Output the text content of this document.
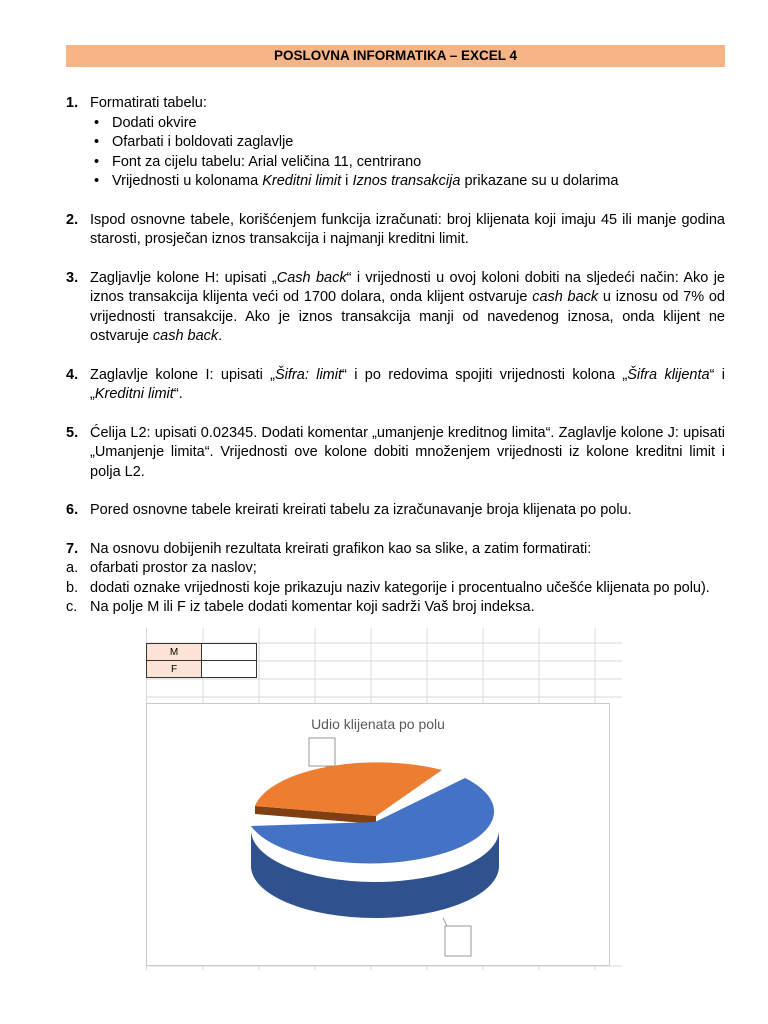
POSLOVNA INFORMATIKA – EXCEL 4
1. Formatirati tabelu:
• Dodati okvire
• Ofarbati i boldovati zaglavlje
• Font za cijelu tabelu: Arial veličina 11, centrirano
• Vrijednosti u kolonama Kreditni limit i Iznos transakcija prikazane su u dolarima
2. Ispod osnovne tabele, korišćenjem funkcija izračunati: broj klijenata koji imaju 45 ili manje godina starosti, prosječan iznos transakcija i najmanji kreditni limit.
3. Zagljavlje kolone H: upisati „Cash back“ i vrijednosti u ovoj koloni dobiti na sljedeći način: Ako je iznos transakcija klijenta veći od 1700 dolara, onda klijent ostvaruje cash back u iznosu od 7% od vrijednosti transakcije. Ako je iznos transakcija manji od navedenog iznosa, onda klijent ne ostvaruje cash back.
4. Zaglavlje kolone I: upisati „Šifra: limit“ i po redovima spojiti vrijednosti kolona „Šifra klijenta“ i „Kreditni limit“.
5. Ćelija L2: upisati 0.02345. Dodati komentar „umanjenje kreditnog limita“. Zaglavlje kolone J: upisati „Umanjenje limita“. Vrijednosti ove kolone dobiti množenjem vrijednosti iz kolone kreditni limit i polja L2.
6. Pored osnovne tabele kreirati kreirati tabelu za izračunavanje broja klijenata po polu.
7. Na osnovu dobijenih rezultata kreirati grafikon kao sa slike, a zatim formatirati:
a. ofarbati prostor za naslov;
b. dodati oznake vrijednosti koje prikazuju naziv kategorije i procentualno učešće klijenata po polu).
c. Na polje M ili F iz tabele dodati komentar koji sadrži Vaš broj indeksa.
M	
F	
Udio klijenata po polu
